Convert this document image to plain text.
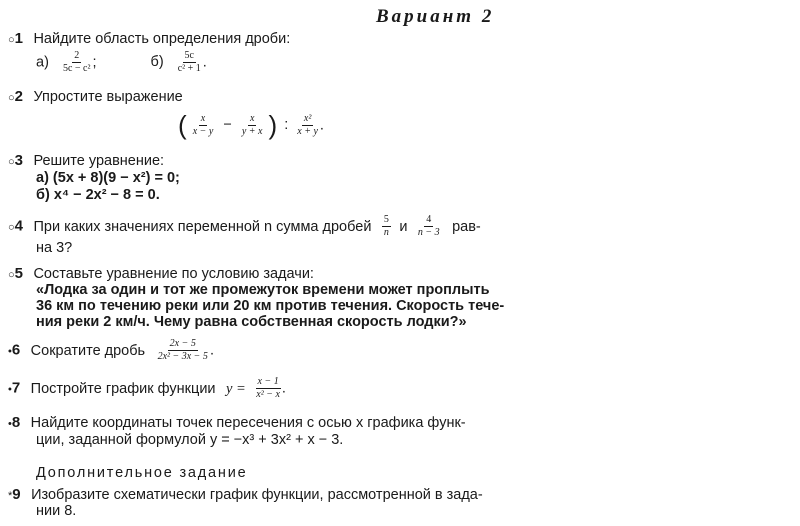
Вариант 2
○1 Найдите область определения дроби:
$а) \frac{2}{\text{5c − c²}}$ ;	$б) \frac{5c}{\text{c² + 1}}$ .
○2 Упростите выражение
( $\frac{x}{x - y} - \frac{x}{y + x}$ ) : $\frac{\text{x²}}{x + y}$ .
○3 Решите уравнение:
а) (5x + 8)(9 − x²) = 0;
б) x⁴ − 2x² − 8 = 0.
○4 При каких значениях переменной n сумма дробей $\frac{5}{n}$ и $\frac{4}{n - 3} рав-$
на 3?
○5 Составьте уравнение по условию задачи:
«Лодка за один и тот же промежуток времени может проплыть
36 км по течению реки или 20 км против течения. Скорость тече-
ния реки 2 км/ч. Чему равна собственная скорость лодки?»
•6 Сократите дробь $\frac{2x - 5}{\text{2x² − 3x − 5}}$ .
•7 Постройте график функции $y = \frac{x - 1}{\text{x² − x}}$ .
•8 Найдите координаты точек пересечения с осью x графика функ-
ции, заданной формулой y = −x³ + 3x² + x − 3.
Дополнительное задание
*9 Изобразите схематически график функции, рассмотренной в зада-
нии 8.
